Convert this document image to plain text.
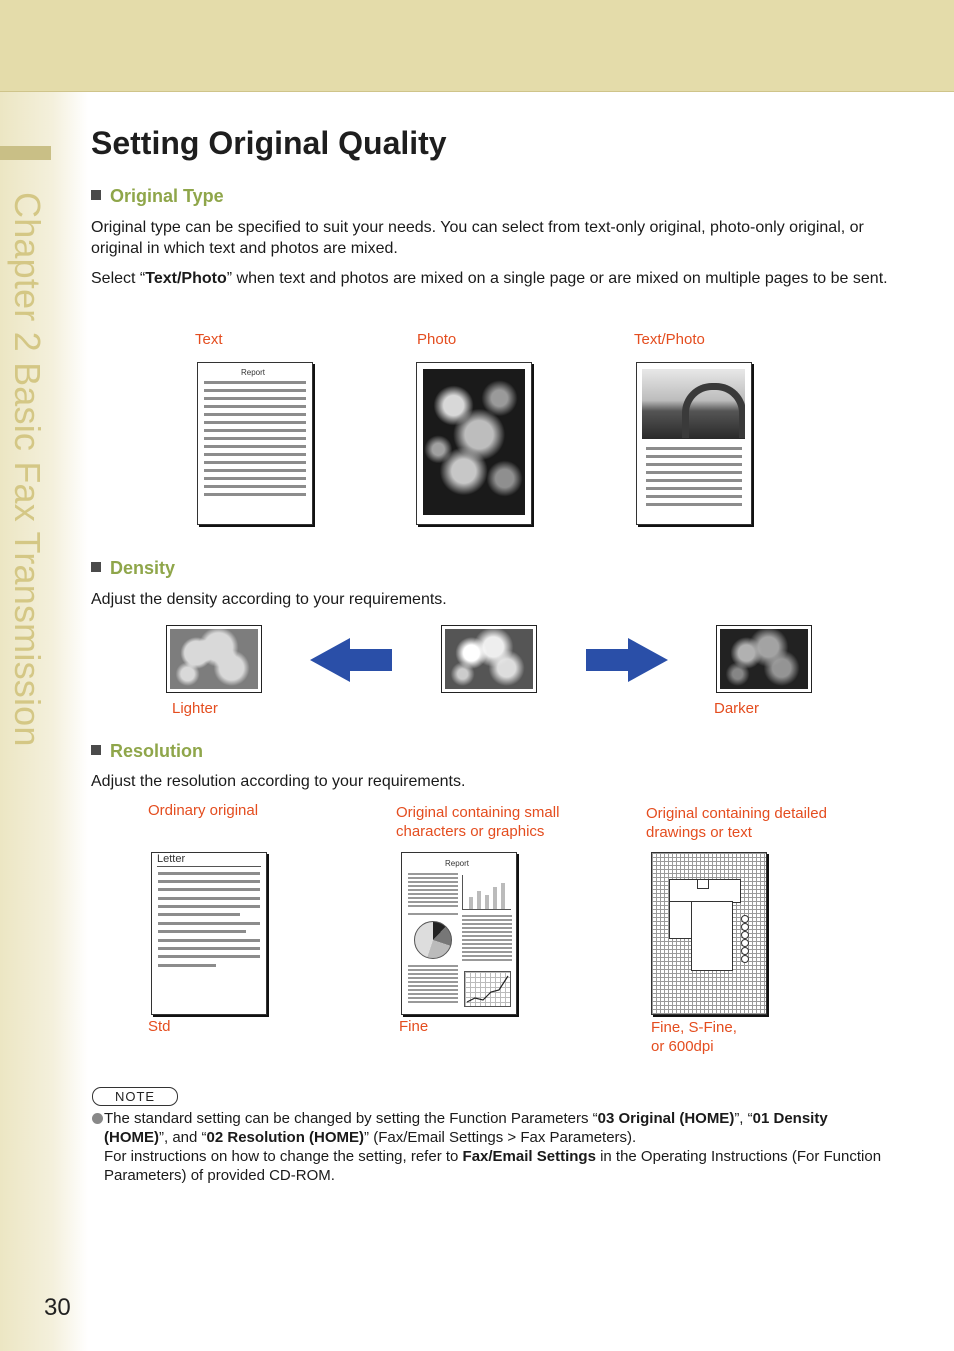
Chapter 2 Basic Fax Transmission
30
Setting Original Quality
Original Type

Original type can be specified to suit your needs. You can select from text-only original, photo-only original, or original in which text and photos are mixed.

Select “Text/Photo” when text and photos are mixed on a single page or are mixed on multiple pages to be sent.

Text	Photo	Text/Photo
Report
Density

Adjust the density according to your requirements.

Lighter	Darker
Resolution

Adjust the resolution according to your requirements.

Ordinary original	Original containing small
characters or graphics
Original containing detailed
drawings or text
Letter	Report
Std	Fine	Fine, S-Fine,
or 600dpi
NOTE
The standard setting can be changed by setting the Function Parameters “03 Original (HOME)”, “01 Density (HOME)”, and “02 Resolution (HOME)” (Fax/Email Settings > Fax Parameters).
For instructions on how to change the setting, refer to Fax/Email Settings in the Operating Instructions (For Function Parameters) of provided CD-ROM.
